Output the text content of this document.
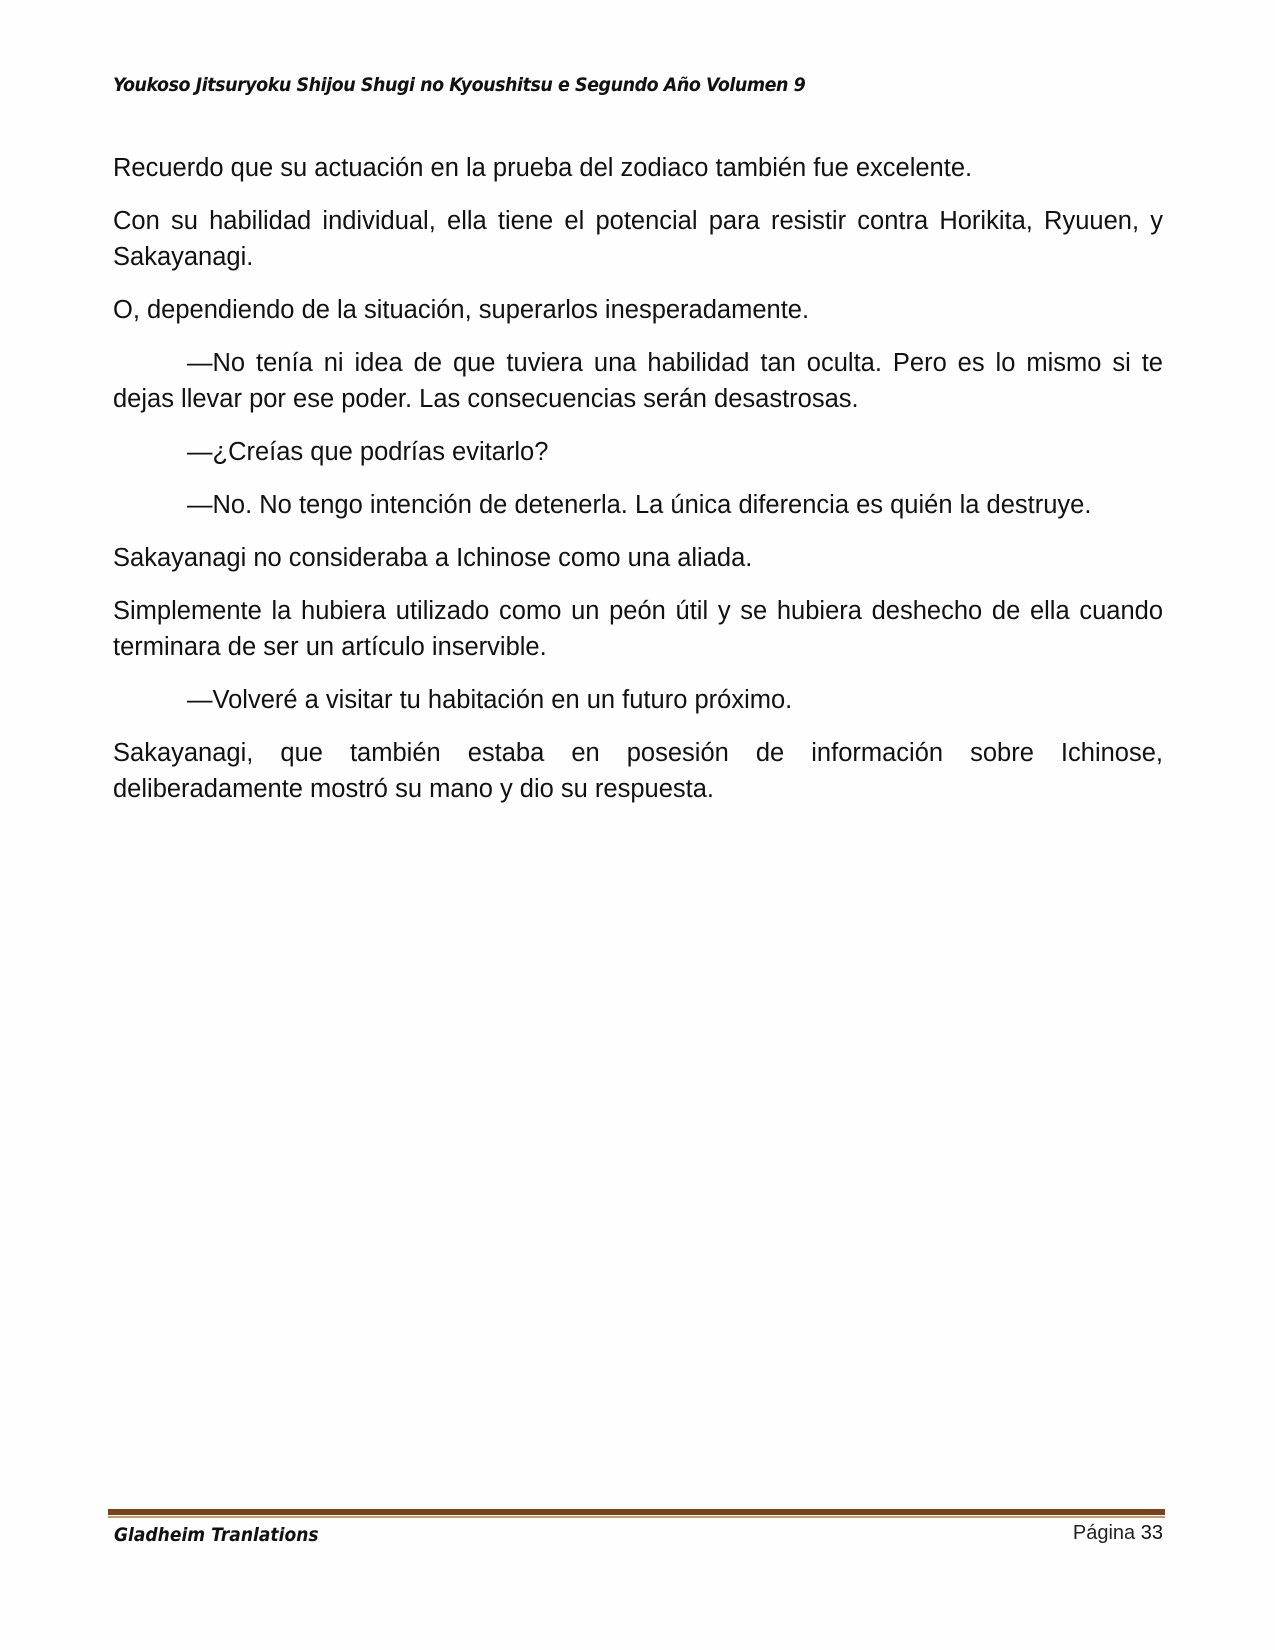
Youkoso Jitsuryoku Shijou Shugi no Kyoushitsu e Segundo Año Volumen 9

Recuerdo que su actuación en la prueba del zodiaco también fue excelente.

Con su habilidad individual, ella tiene el potencial para resistir contra Horikita, Ryuuen, y Sakayanagi.

O, dependiendo de la situación, superarlos inesperadamente.

—No tenía ni idea de que tuviera una habilidad tan oculta. Pero es lo mismo si te dejas llevar por ese poder. Las consecuencias serán desastrosas.

—¿Creías que podrías evitarlo?

—No. No tengo intención de detenerla. La única diferencia es quién la destruye.

Sakayanagi no consideraba a Ichinose como una aliada.

Simplemente la hubiera utilizado como un peón útil y se hubiera deshecho de ella cuando terminara de ser un artículo inservible.

—Volveré a visitar tu habitación en un futuro próximo.

Sakayanagi, que también estaba en posesión de información sobre Ichinose, deliberadamente mostró su mano y dio su respuesta.

Gladheim Tranlations	Página 33
